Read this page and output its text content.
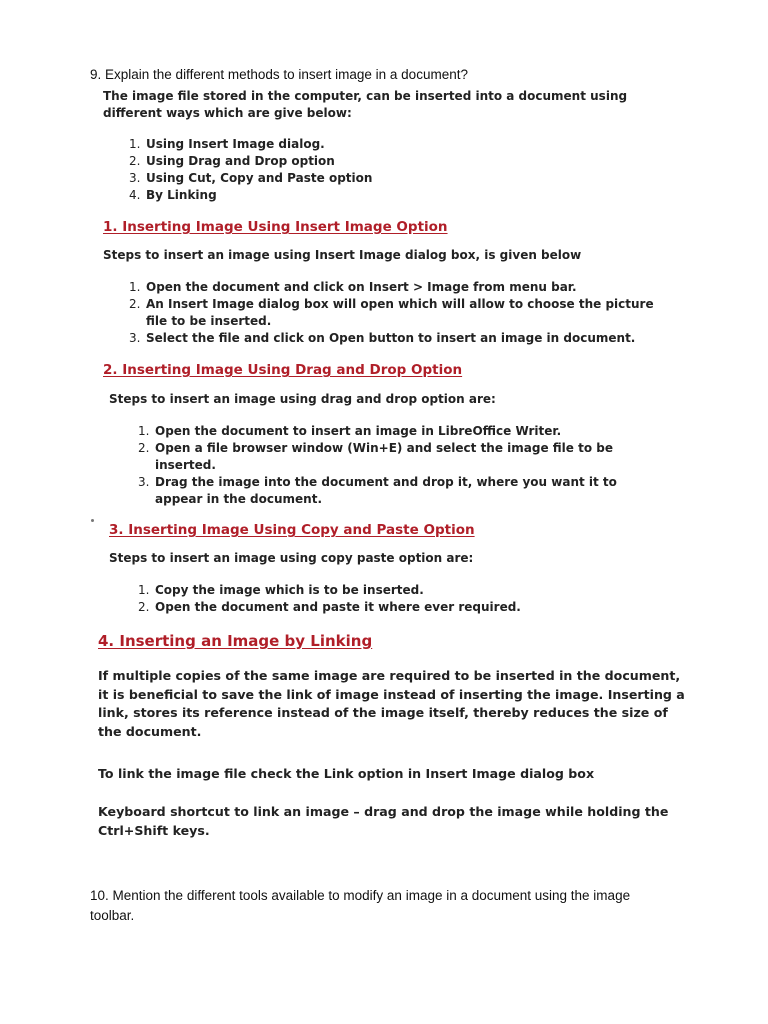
9. Explain the different methods to insert image in a document?
The image file stored in the computer, can be inserted into a document using
different ways which are give below:
1. Using Insert Image dialog.
2. Using Drag and Drop option
3. Using Cut, Copy and Paste option
4. By Linking
1. Inserting Image Using Insert Image Option
Steps to insert an image using Insert Image dialog box, is given below
1. Open the document and click on Insert > Image from menu bar.
2. An Insert Image dialog box will open which will allow to choose the picture
file to be inserted.
3. Select the file and click on Open button to insert an image in document.
2. Inserting Image Using Drag and Drop Option
Steps to insert an image using drag and drop option are:
1. Open the document to insert an image in LibreOffice Writer.
2. Open a file browser window (Win+E) and select the image file to be
inserted.
3. Drag the image into the document and drop it, where you want it to
appear in the document.
3. Inserting Image Using Copy and Paste Option
Steps to insert an image using copy paste option are:
1. Copy the image which is to be inserted.
2. Open the document and paste it where ever required.
4. Inserting an Image by Linking
If multiple copies of the same image are required to be inserted in the document,
it is beneficial to save the link of image instead of inserting the image. Inserting a
link, stores its reference instead of the image itself, thereby reduces the size of
the document.
To link the image file check the Link option in Insert Image dialog box
Keyboard shortcut to link an image – drag and drop the image while holding the
Ctrl+Shift keys.
10. Mention the different tools available to modify an image in a document using the image
toolbar.
